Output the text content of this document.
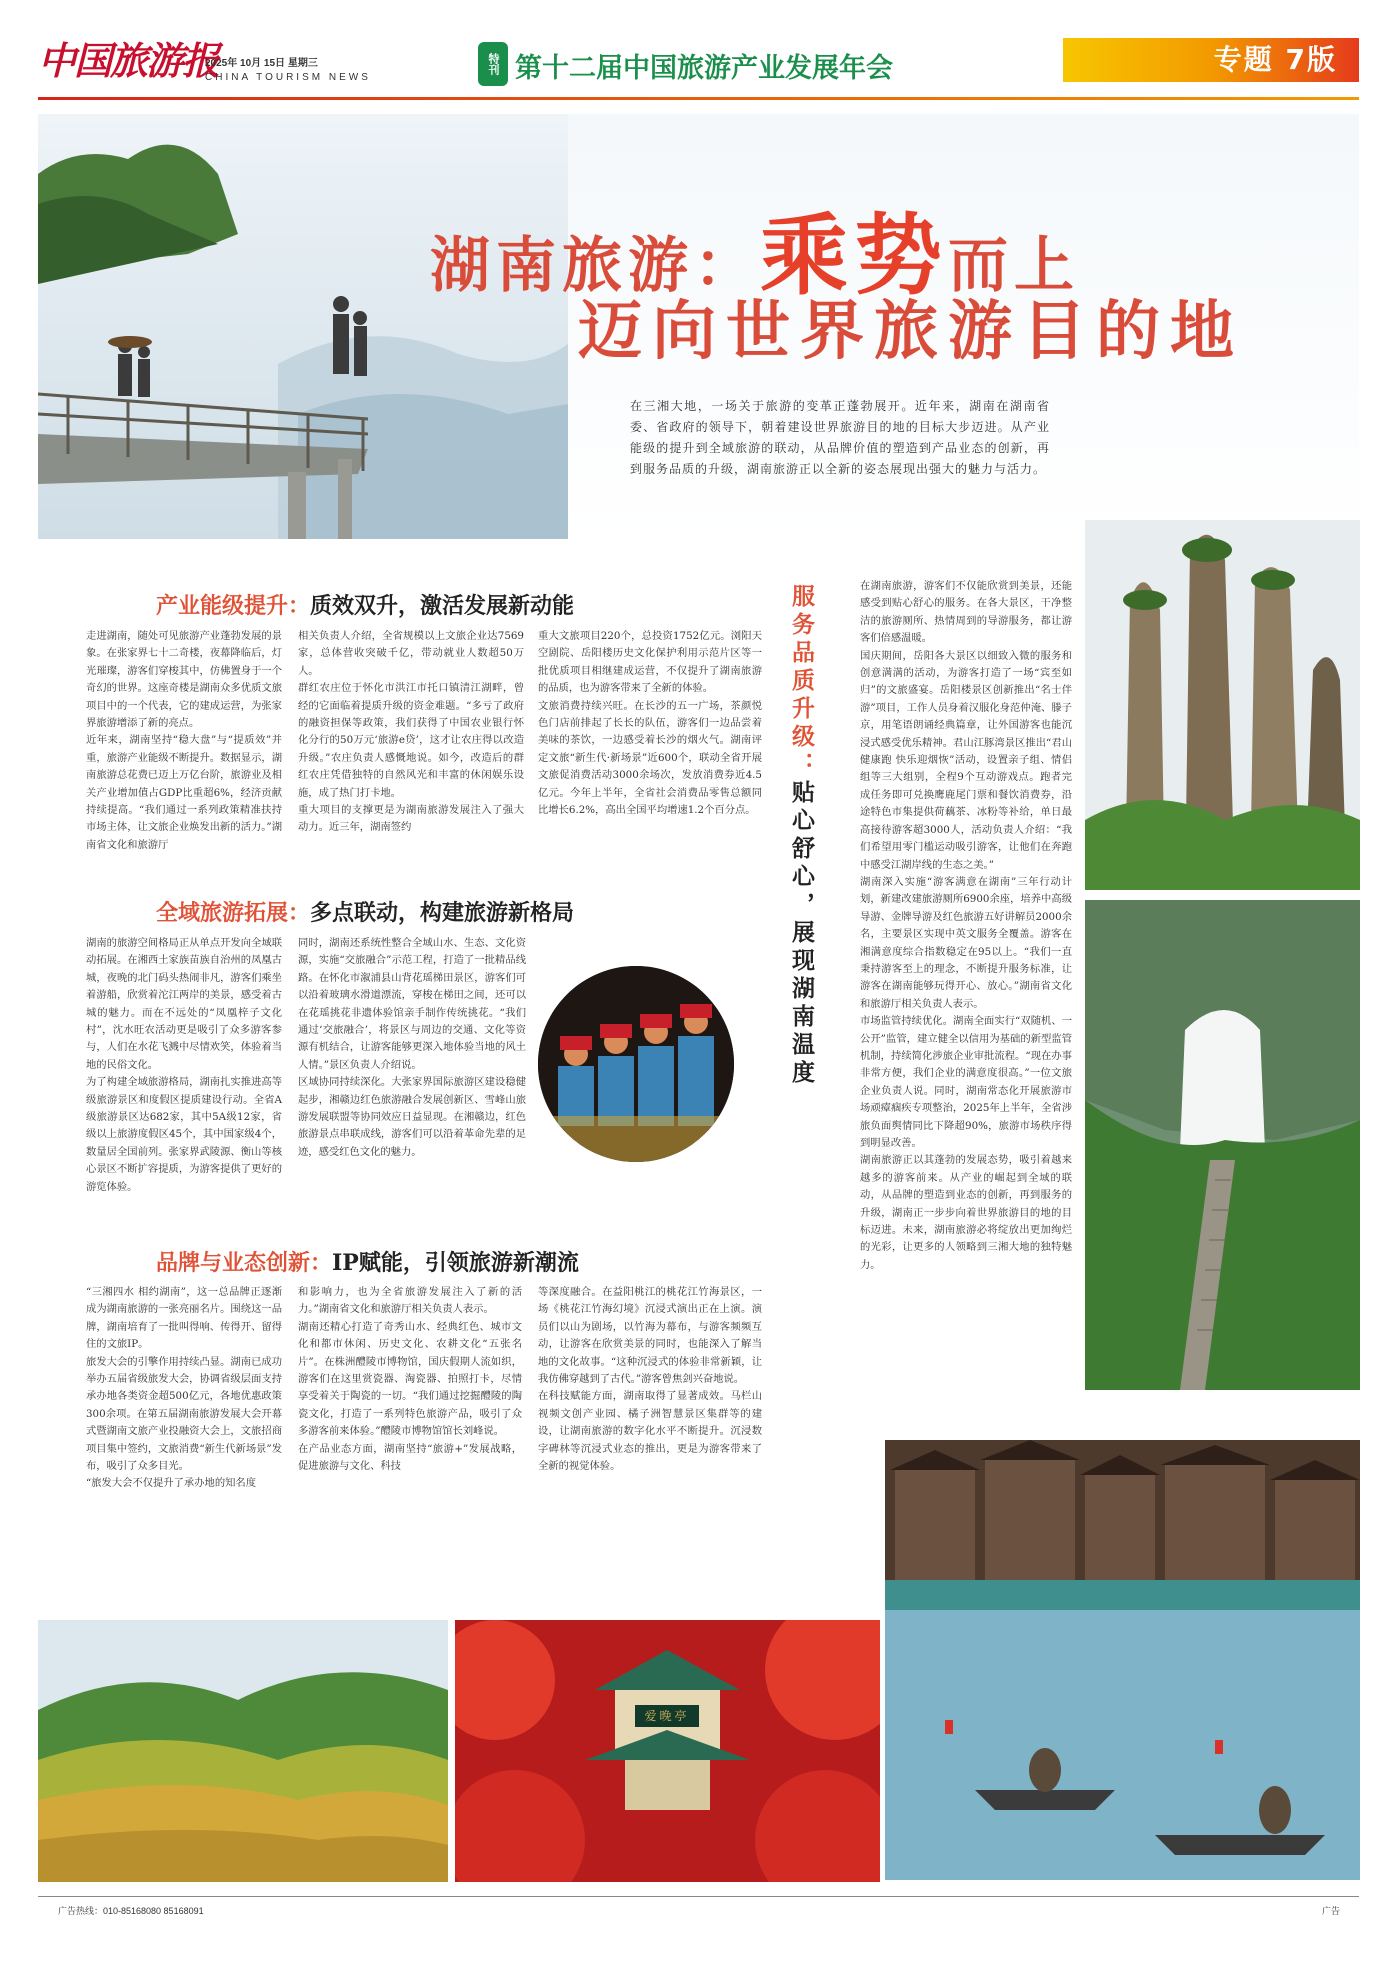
中国旅游报
2025年 10月 15日 星期三
CHINA TOURISM NEWS
特刊 第十二届中国旅游产业发展年会	专题 7版
湖南旅游：乘势而上
迈向世界旅游目的地
在三湘大地，一场关于旅游的变革正蓬勃展开。近年来，湖南在湖南省委、省政府的领导下，朝着建设世界旅游目的地的目标大步迈进。从产业能级的提升到全域旅游的联动，从品牌价值的塑造到产品业态的创新，再到服务品质的升级，湖南旅游正以全新的姿态展现出强大的魅力与活力。
产业能级提升：质效双升，激活发展新动能
走进湖南，随处可见旅游产业蓬勃发展的景象。在张家界七十二奇楼，夜幕降临后，灯光璀璨，游客们穿梭其中，仿佛置身于一个奇幻的世界。这座奇楼是湖南众多优质文旅项目中的一个代表，它的建成运营，为张家界旅游增添了新的亮点。
近年来，湖南坚持“稳大盘”与“提质效”并重，旅游产业能级不断提升。数据显示，湖南旅游总花费已迈上万亿台阶，旅游业及相关产业增加值占GDP比重超6%，经济贡献持续提高。“我们通过一系列政策精准扶持市场主体，让文旅企业焕发出新的活力。”湖南省文化和旅游厅
相关负责人介绍，全省规模以上文旅企业达7569家，总体营收突破千亿，带动就业人数超50万人。
群红农庄位于怀化市洪江市托口镇清江湖畔，曾经的它面临着提质升级的资金难题。“多亏了政府的融资担保等政策，我们获得了中国农业银行怀化分行的50万元‘旅游e贷’，这才让农庄得以改造升级。”农庄负责人感慨地说。如今，改造后的群红农庄凭借独特的自然风光和丰富的休闲娱乐设施，成了热门打卡地。
重大项目的支撑更是为湖南旅游发展注入了强大动力。近三年，湖南签约
重大文旅项目220个，总投资1752亿元。浏阳天空剧院、岳阳楼历史文化保护利用示范片区等一批优质项目相继建成运营，不仅提升了湖南旅游的品质，也为游客带来了全新的体验。
文旅消费持续兴旺。在长沙的五一广场，茶颜悦色门店前排起了长长的队伍，游客们一边品尝着美味的茶饮，一边感受着长沙的烟火气。湖南评定文旅“新生代·新场景”近600个，联动全省开展文旅促消费活动3000余场次，发放消费券近4.5亿元。今年上半年，全省社会消费品零售总额同比增长6.2%，高出全国平均增速1.2个百分点。
全域旅游拓展：多点联动，构建旅游新格局
湖南的旅游空间格局正从单点开发向全域联动拓展。在湘西土家族苗族自治州的凤凰古城，夜晚的北门码头热闹非凡，游客们乘坐着游船，欣赏着沱江两岸的美景，感受着古城的魅力。而在不远处的“凤凰梓子文化村”，沈水旺农活动更是吸引了众多游客参与，人们在水花飞溅中尽情欢笑，体验着当地的民俗文化。
为了构建全域旅游格局，湖南扎实推进高等级旅游景区和度假区提质建设行动。全省A级旅游景区达682家，其中5A级12家，省级以上旅游度假区45个，其中国家级4个，数量居全国前列。张家界武陵源、衡山等核心景区不断扩容提质，为游客提供了更好的游览体验。
同时，湖南还系统性整合全域山水、生态、文化资源，实施“交旅融合”示范工程，打造了一批精品线路。在怀化市溆浦县山背花瑶梯田景区，游客们可以沿着玻璃水滑道漂流，穿梭在梯田之间，还可以在花瑶挑花非遗体验馆亲手制作传统挑花。“我们通过‘交旅融合’，将景区与周边的交通、文化等资源有机结合，让游客能够更深入地体验当地的风土人情。”景区负责人介绍说。
区域协同持续深化。大张家界国际旅游区建设稳健起步，湘赣边红色旅游融合发展创新区、雪峰山旅游发展联盟等协同效应日益显现。在湘赣边，红色旅游景点串联成线，游客们可以沿着革命先辈的足迹，感受红色文化的魅力。
品牌与业态创新：IP赋能，引领旅游新潮流
“三湘四水 相约湖南”，这一总品牌正逐渐成为湖南旅游的一张亮丽名片。围绕这一品牌，湖南培育了一批叫得响、传得开、留得住的文旅IP。
旅发大会的引擎作用持续凸显。湖南已成功举办五届省级旅发大会，协调省级层面支持承办地各类资金超500亿元，各地优惠政策300余项。在第五届湖南旅游发展大会开幕式暨湖南文旅产业投融资大会上，文旅招商项目集中签约，文旅消费“新生代新场景”发布，吸引了众多目光。
“旅发大会不仅提升了承办地的知名度
和影响力，也为全省旅游发展注入了新的活力。”湖南省文化和旅游厅相关负责人表示。
湖南还精心打造了奇秀山水、经典红色、城市文化和都市休闲、历史文化、农耕文化“五张名片”。在株洲醴陵市博物馆，国庆假期人流如织，游客们在这里赏瓷器、淘瓷器、拍照打卡，尽情享受着关于陶瓷的一切。“我们通过挖掘醴陵的陶瓷文化，打造了一系列特色旅游产品，吸引了众多游客前来体验。”醴陵市博物馆馆长刘峰说。
在产品业态方面，湖南坚持“旅游+”发展战略，促进旅游与文化、科技
等深度融合。在益阳桃江的桃花江竹海景区，一场《桃花江竹海幻境》沉浸式演出正在上演。演员们以山为剧场，以竹海为幕布，与游客频频互动，让游客在欣赏美景的同时，也能深入了解当地的文化故事。“这种沉浸式的体验非常新颖，让我仿佛穿越到了古代。”游客曾焦剑兴奋地说。
在科技赋能方面，湖南取得了显著成效。马栏山视频文创产业园、橘子洲智慧景区集群等的建设，让湖南旅游的数字化水平不断提升。沉浸数字碑林等沉浸式业态的推出，更是为游客带来了全新的视觉体验。
服务品质升级：贴心舒心，展现湖南温度
在湖南旅游，游客们不仅能欣赏到美景，还能感受到贴心舒心的服务。在各大景区，干净整洁的旅游厕所、热情周到的导游服务，都让游客们倍感温暖。
国庆期间，岳阳各大景区以细致入微的服务和创意满满的活动，为游客打造了一场“宾至如归”的文旅盛宴。岳阳楼景区创新推出“名士伴游”项目，工作人员身着汉服化身范仲淹、滕子京，用笔语朗诵经典篇章，让外国游客也能沉浸式感受优乐精神。君山江豚湾景区推出“君山健康跑 快乐迎烟恢”活动，设置亲子组、情侣组等三大组别，全程9个互动游戏点。跑者完成任务即可兑换鹰鹿尾门票和餐饮消费券，沿途特色市集提供荷藕茶、冰粉等补给，单日最高接待游客超3000人，活动负责人介绍：“我们希望用零门槛运动吸引游客，让他们在奔跑中感受江湖岸线的生态之美。”
湖南深入实施“游客满意在湖南”三年行动计划，新建改建旅游厕所6900余座，培养中高级导游、金牌导游及红色旅游五好讲解员2000余名，主要景区实现中英文服务全覆盖。游客在湘满意度综合指数稳定在95以上。“我们一直秉持游客至上的理念，不断提升服务标准，让游客在湖南能够玩得开心、放心。”湖南省文化和旅游厅相关负责人表示。
市场监管持续优化。湖南全面实行“双随机、一公开”监管，建立健全以信用为基础的新型监管机制，持续简化涉旅企业审批流程。“现在办事非常方便，我们企业的满意度很高。”一位文旅企业负责人说。同时，湖南常态化开展旅游市场顽瘴痼疾专项整治，2025年上半年，全省涉旅负面舆情同比下降超90%，旅游市场秩序得到明显改善。
湖南旅游正以其蓬勃的发展态势，吸引着越来越多的游客前来。从产业的崛起到全域的联动，从品牌的塑造到业态的创新，再到服务的升级，湖南正一步步向着世界旅游目的地的目标迈进。未来，湖南旅游必将绽放出更加绚烂的光彩，让更多的人领略到三湘大地的独特魅力。
爱晚亭
广告热线：010-85168080 85168091	广告
